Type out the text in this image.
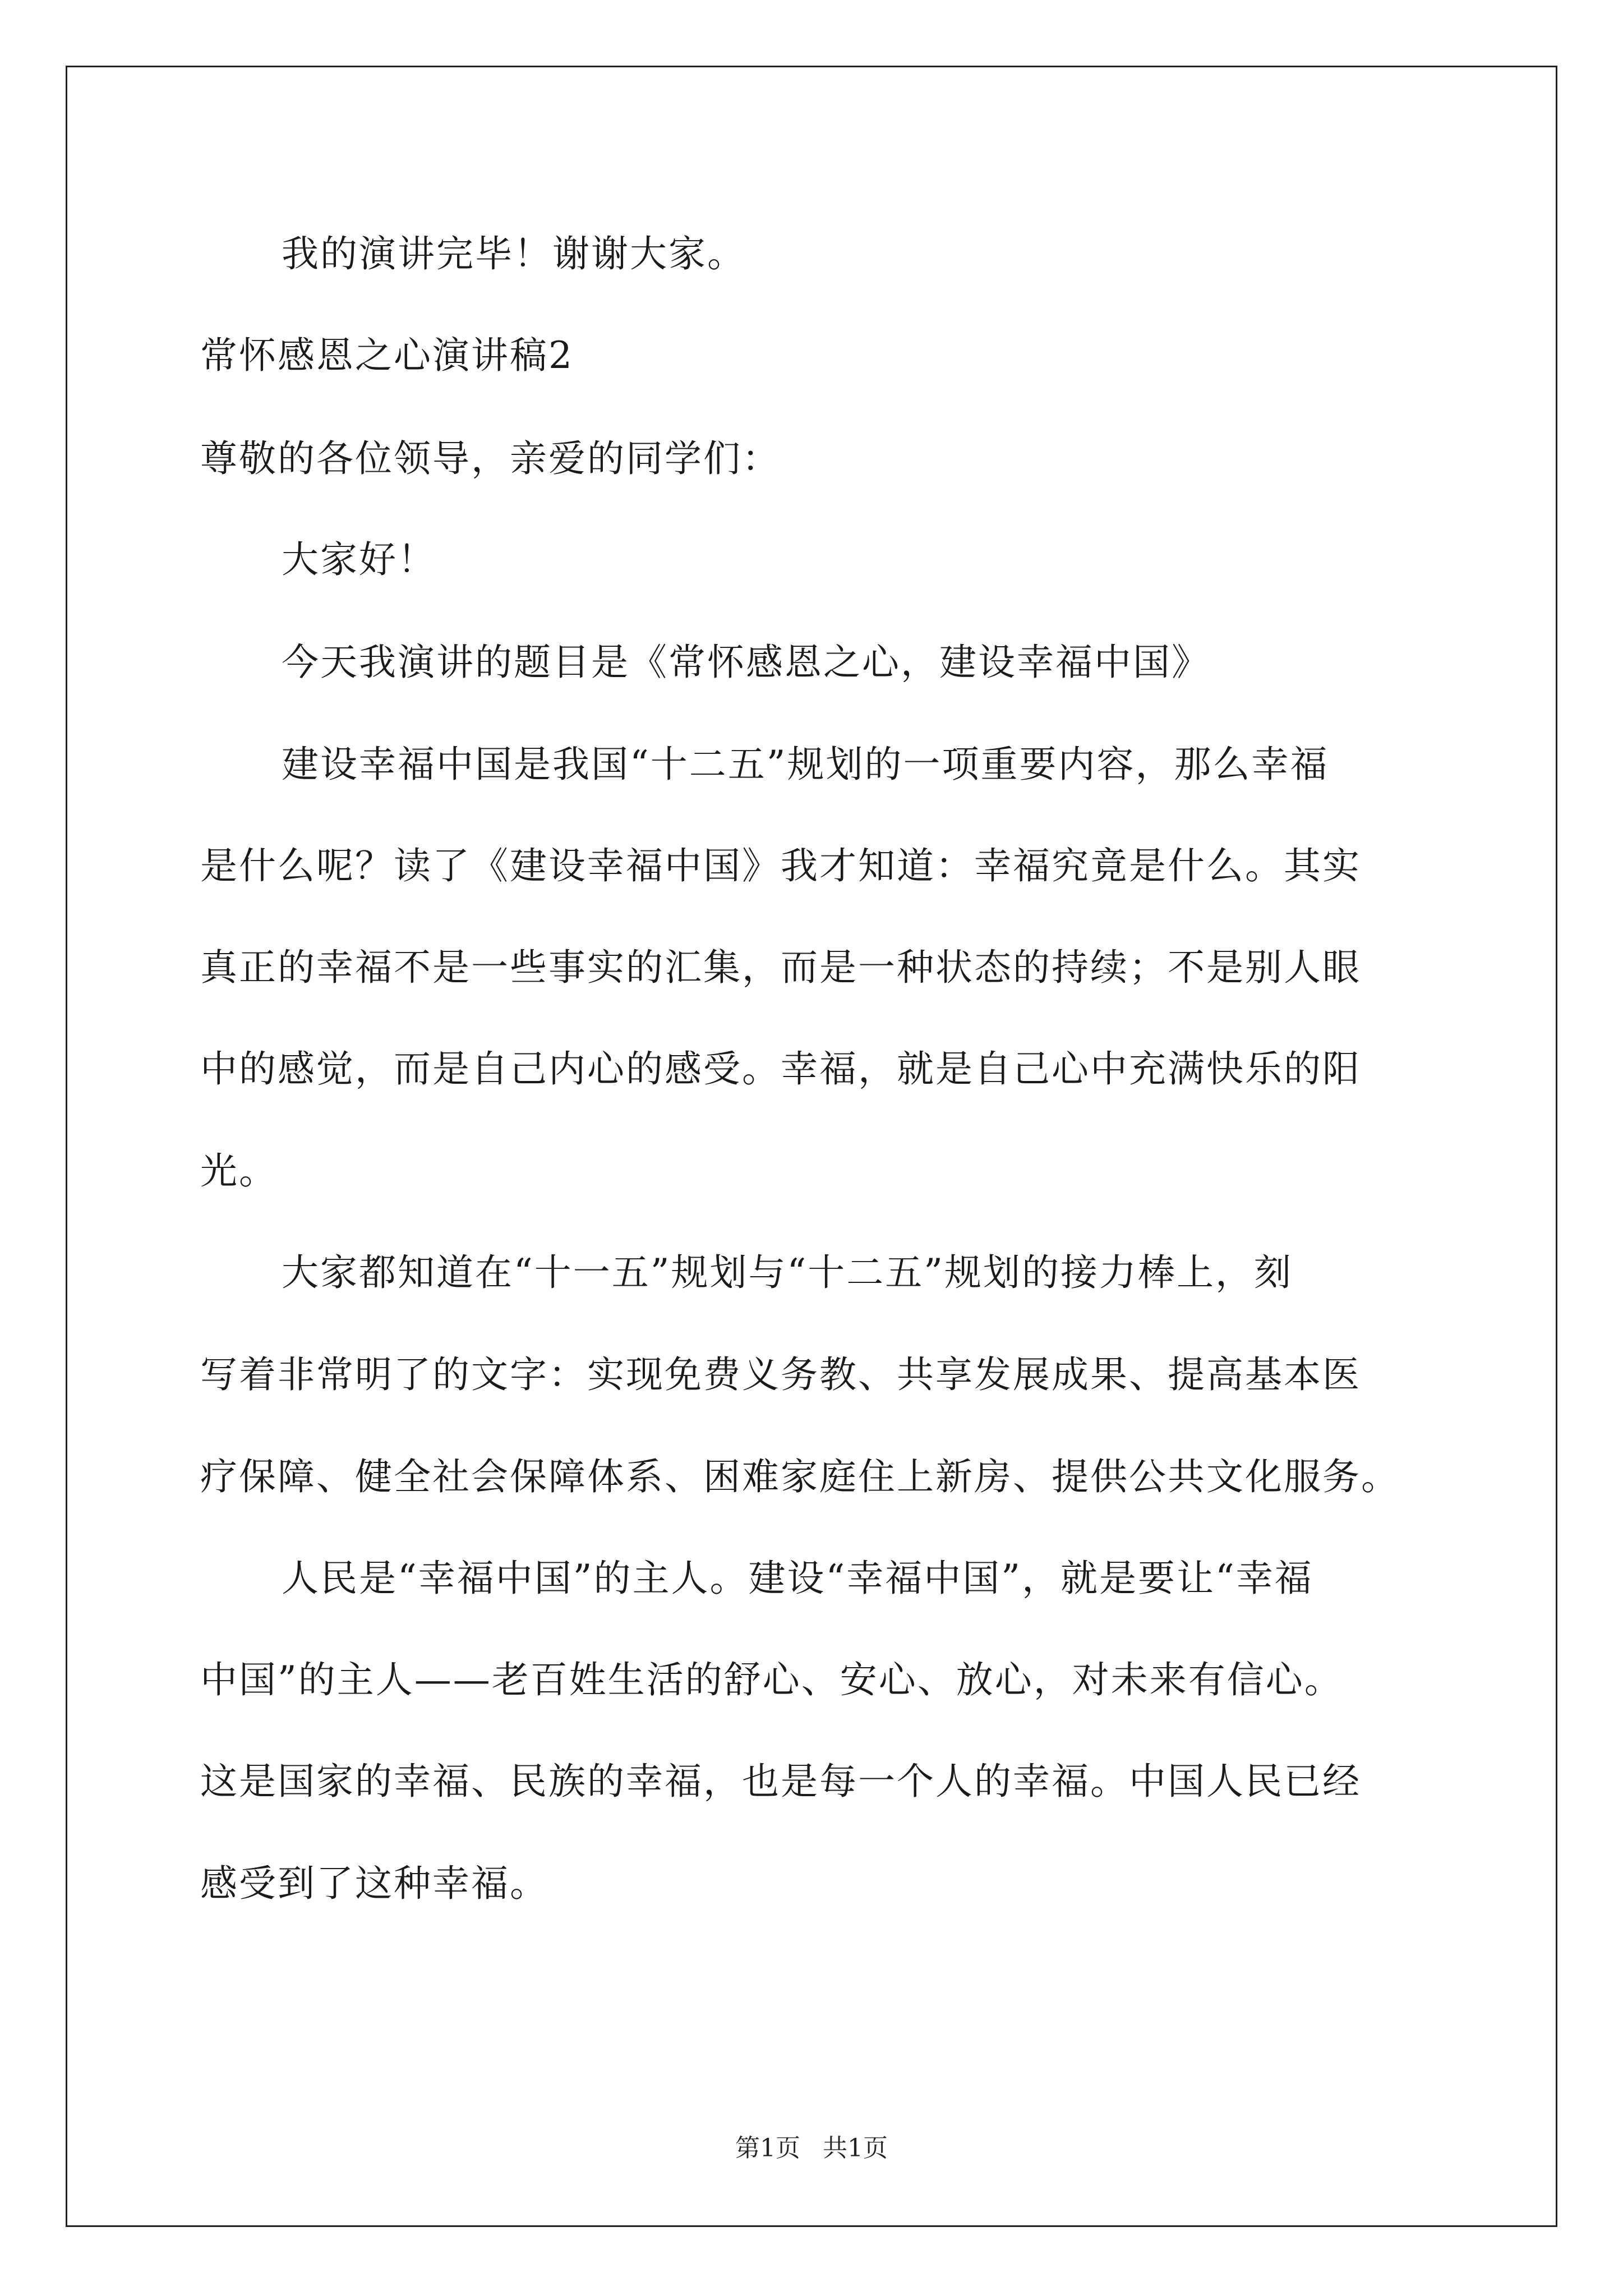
我的演讲完毕！谢谢大家。
常怀感恩之心演讲稿2
尊敬的各位领导，亲爱的同学们：
大家好！
今天我演讲的题目是《常怀感恩之心，建设幸福中国》
建设幸福中国是我国“十二五”规划的一项重要内容，那么幸福
是什么呢？读了《建设幸福中国》我才知道：幸福究竟是什么。其实
真正的幸福不是一些事实的汇集，而是一种状态的持续；不是别人眼
中的感觉，而是自己内心的感受。幸福，就是自己心中充满快乐的阳
光。
大家都知道在“十一五”规划与“十二五”规划的接力棒上，刻
写着非常明了的文字：实现免费义务教、共享发展成果、提高基本医
疗保障、健全社会保障体系、困难家庭住上新房、提供公共文化服务。
人民是“幸福中国”的主人。建设“幸福中国”，就是要让“幸福
中国”的主人——老百姓生活的舒心、安心、放心，对未来有信心。
这是国家的幸福、民族的幸福，也是每一个人的幸福。中国人民已经
感受到了这种幸福。
第1页 共1页
